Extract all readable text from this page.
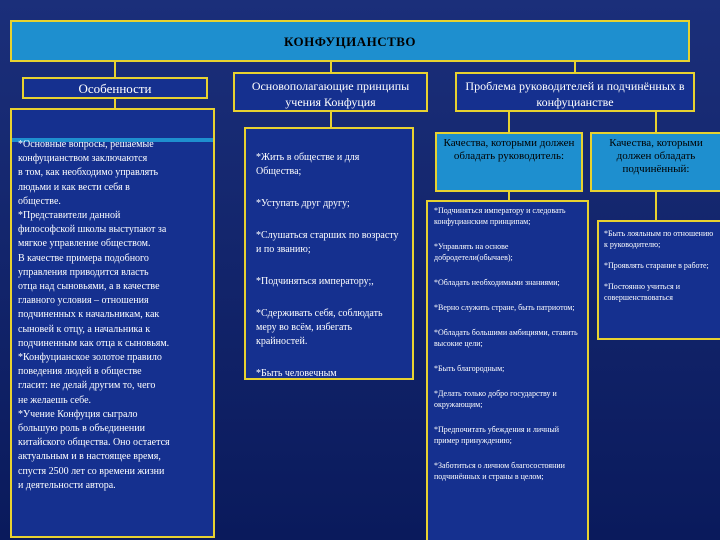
КОНФУЦИАНСТВО
Особенности	Основополагающие принципы учения Конфуция
Проблема руководителей и подчинённых в конфуцианстве
Качества, которыми должен обладать руководитель:
Качества, которыми должен обладать подчинённый:
*Основные вопросы, решаемые
конфуцианством заключаются
в том, как необходимо управлять
людьми и как вести себя в
обществе.
*Представители данной
философской школы выступают за
мягкое управление обществом.
В качестве примера подобного
управления приводится власть
отца над сыновьями, а в качестве
главного условия – отношения
подчиненных к начальникам, как
сыновей к отцу, а начальника к
подчиненным как отца к сыновьям.
*Конфуцианское золотое правило
поведения людей в обществе
гласит: не делай другим то, чего
не желаешь себе.
*Учение Конфуция сыграло
большую роль в объединении
китайского общества. Оно остается
актуальным и в настоящее время,
спустя 2500 лет со времени жизни
и деятельности автора.
*Жить в обществе и для Общества;
*Уступать друг другу;
*Слушаться старших по возрасту и по званию;
*Подчиняться императору;,
*Сдерживать себя, соблюдать меру во всём, избегать крайностей.
*Быть человечным
*Подчиняться императору и следовать конфуцианским принципам;
*Управлять на основе добродетели(обычаев);
*Обладать необходимыми знаниями;
*Верно служить стране, быть патриотом;
*Обладать большими амбициями, ставить высокие цели;
*Быть благородным;
*Делать только добро государству и окружающим;
*Предпочитать убеждения и личный пример принуждению;
*Заботиться о личном благосостоянии подчинённых и страны в целом;
*Быть лояльным по отношению к руководителю;
*Проявлять старание в работе;
*Постоянно учиться и совершенствоваться
